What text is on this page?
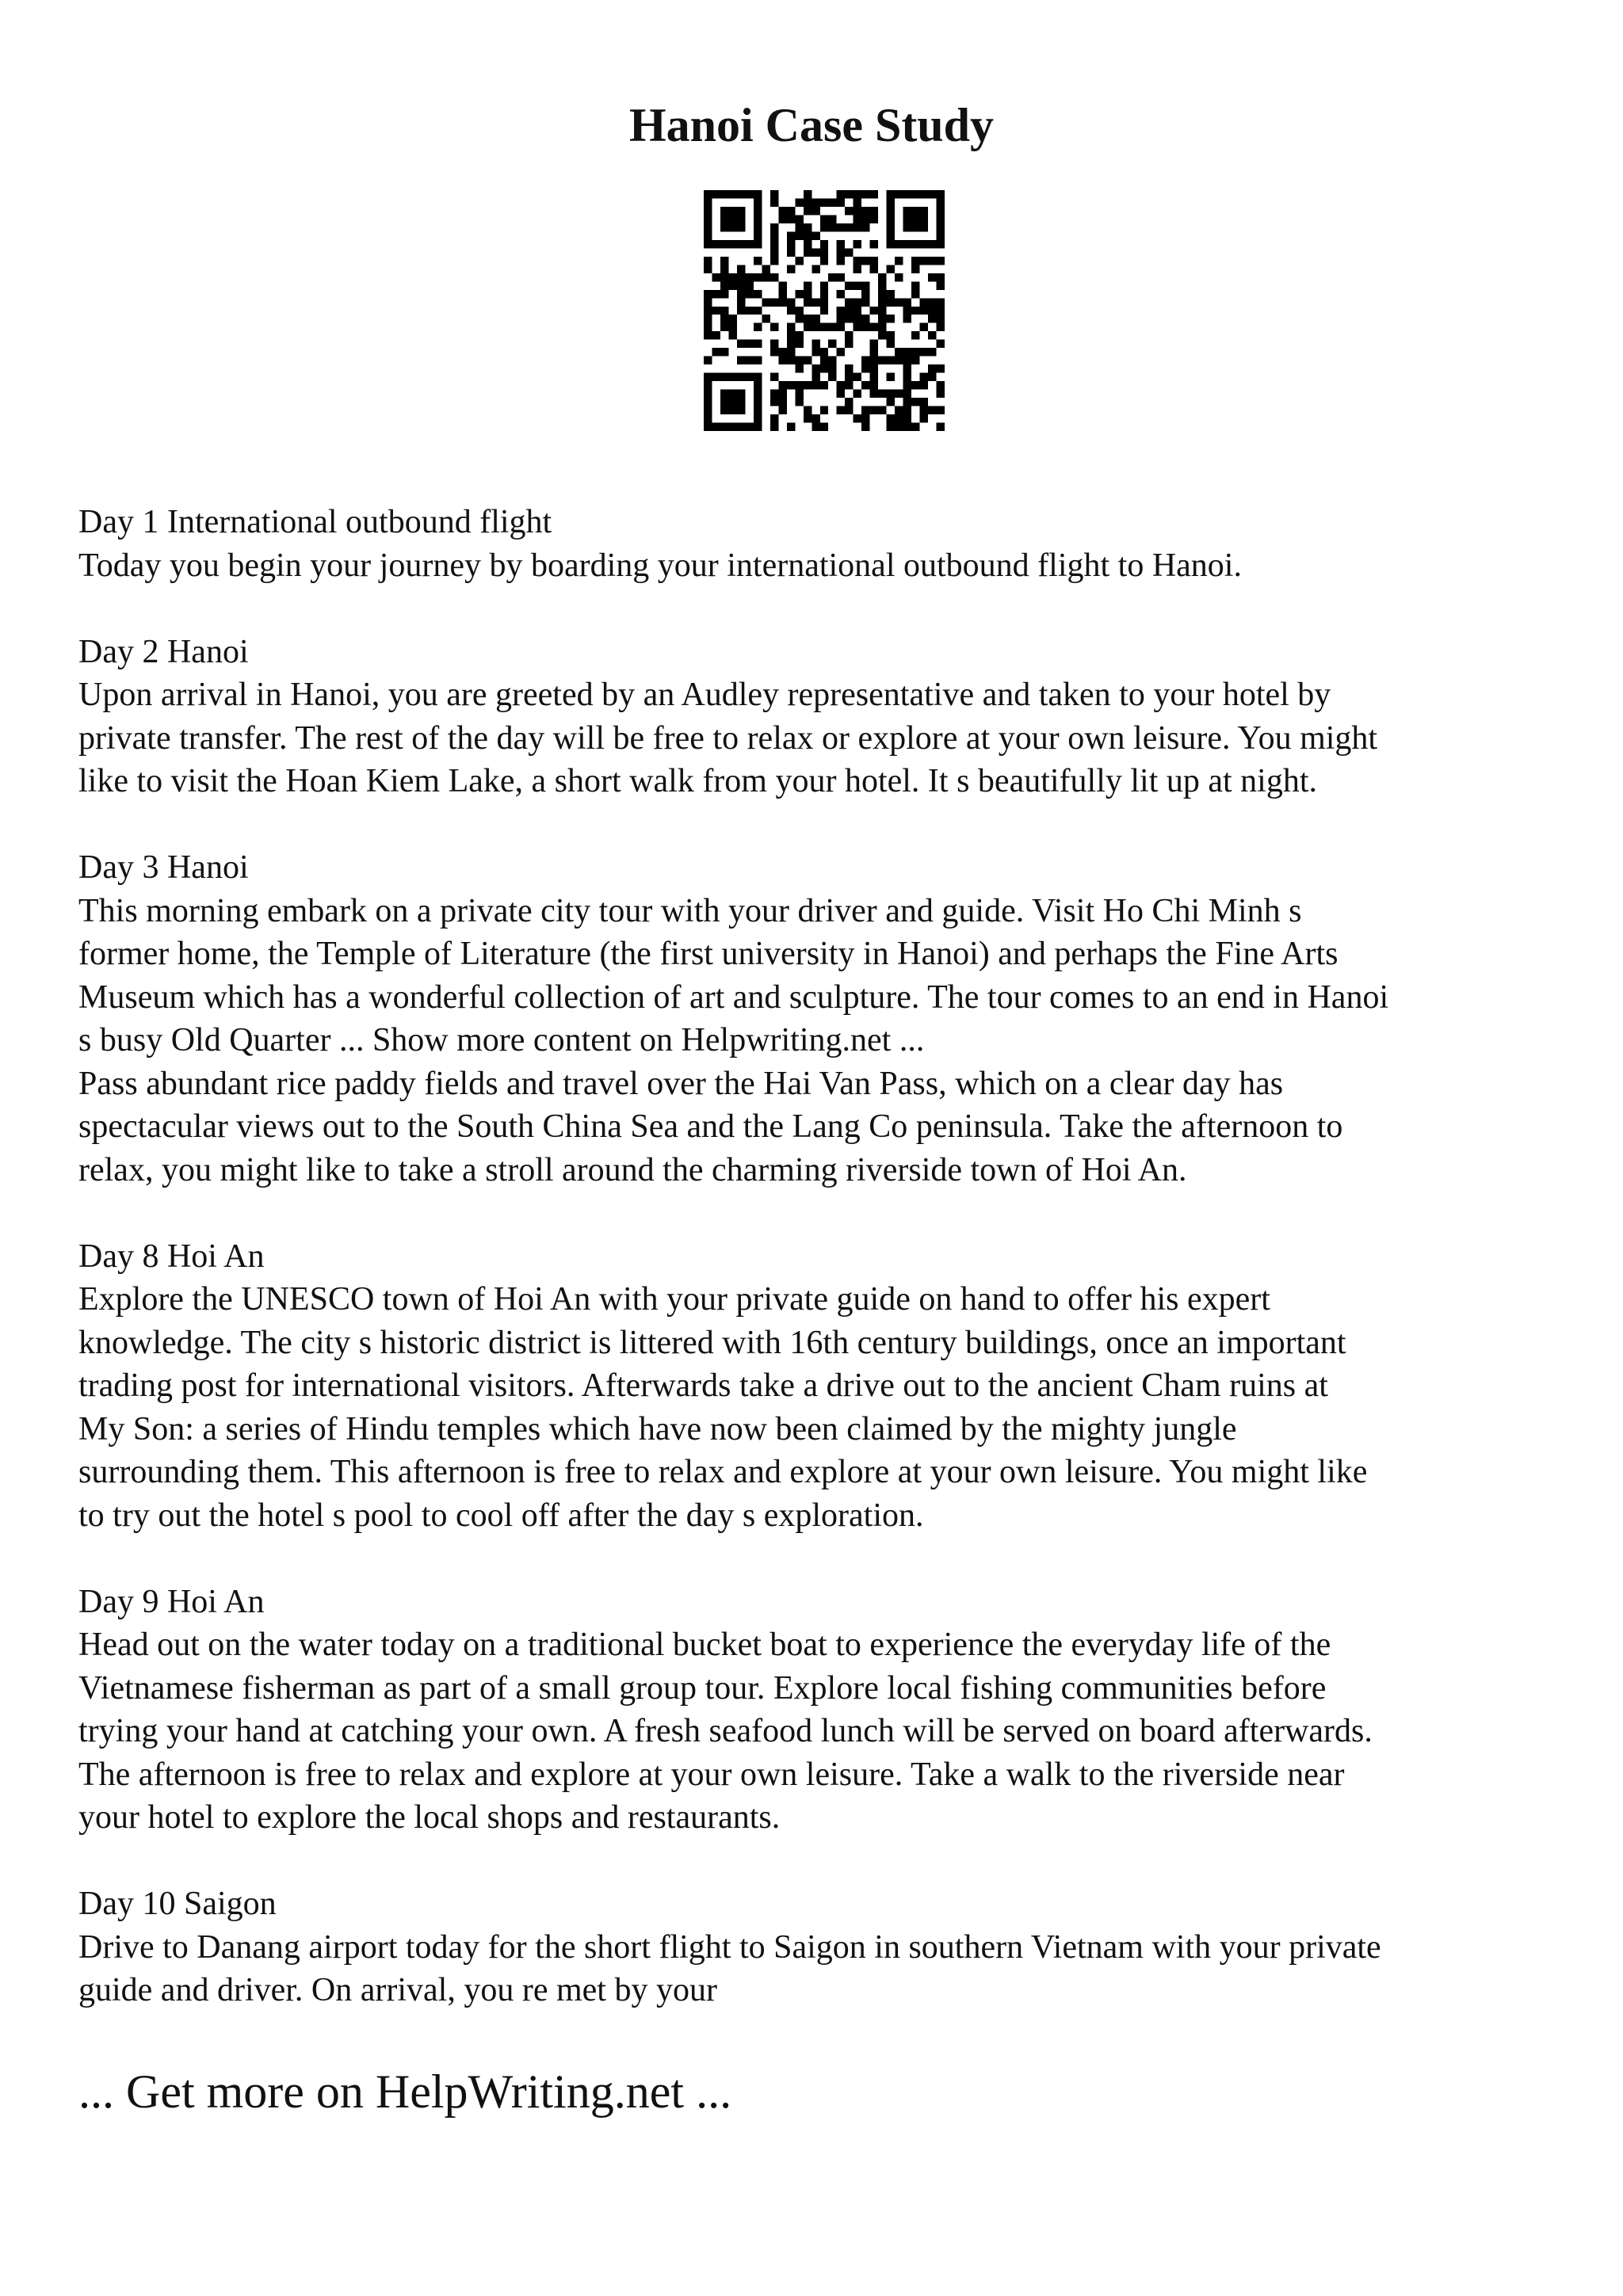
Hanoi Case Study
Day 1 International outbound flight
Today you begin your journey by boarding your international outbound flight to Hanoi.
Day 2 Hanoi
Upon arrival in Hanoi, you are greeted by an Audley representative and taken to your hotel by
private transfer. The rest of the day will be free to relax or explore at your own leisure. You might
like to visit the Hoan Kiem Lake, a short walk from your hotel. It s beautifully lit up at night.
Day 3 Hanoi
This morning embark on a private city tour with your driver and guide. Visit Ho Chi Minh s
former home, the Temple of Literature (the first university in Hanoi) and perhaps the Fine Arts
Museum which has a wonderful collection of art and sculpture. The tour comes to an end in Hanoi
s busy Old Quarter ... Show more content on Helpwriting.net ...
Pass abundant rice paddy fields and travel over the Hai Van Pass, which on a clear day has
spectacular views out to the South China Sea and the Lang Co peninsula. Take the afternoon to
relax, you might like to take a stroll around the charming riverside town of Hoi An.
Day 8 Hoi An
Explore the UNESCO town of Hoi An with your private guide on hand to offer his expert
knowledge. The city s historic district is littered with 16th century buildings, once an important
trading post for international visitors. Afterwards take a drive out to the ancient Cham ruins at
My Son: a series of Hindu temples which have now been claimed by the mighty jungle
surrounding them. This afternoon is free to relax and explore at your own leisure. You might like
to try out the hotel s pool to cool off after the day s exploration.
Day 9 Hoi An
Head out on the water today on a traditional bucket boat to experience the everyday life of the
Vietnamese fisherman as part of a small group tour. Explore local fishing communities before
trying your hand at catching your own. A fresh seafood lunch will be served on board afterwards.
The afternoon is free to relax and explore at your own leisure. Take a walk to the riverside near
your hotel to explore the local shops and restaurants.
Day 10 Saigon
Drive to Danang airport today for the short flight to Saigon in southern Vietnam with your private
guide and driver. On arrival, you re met by your
... Get more on HelpWriting.net ...
